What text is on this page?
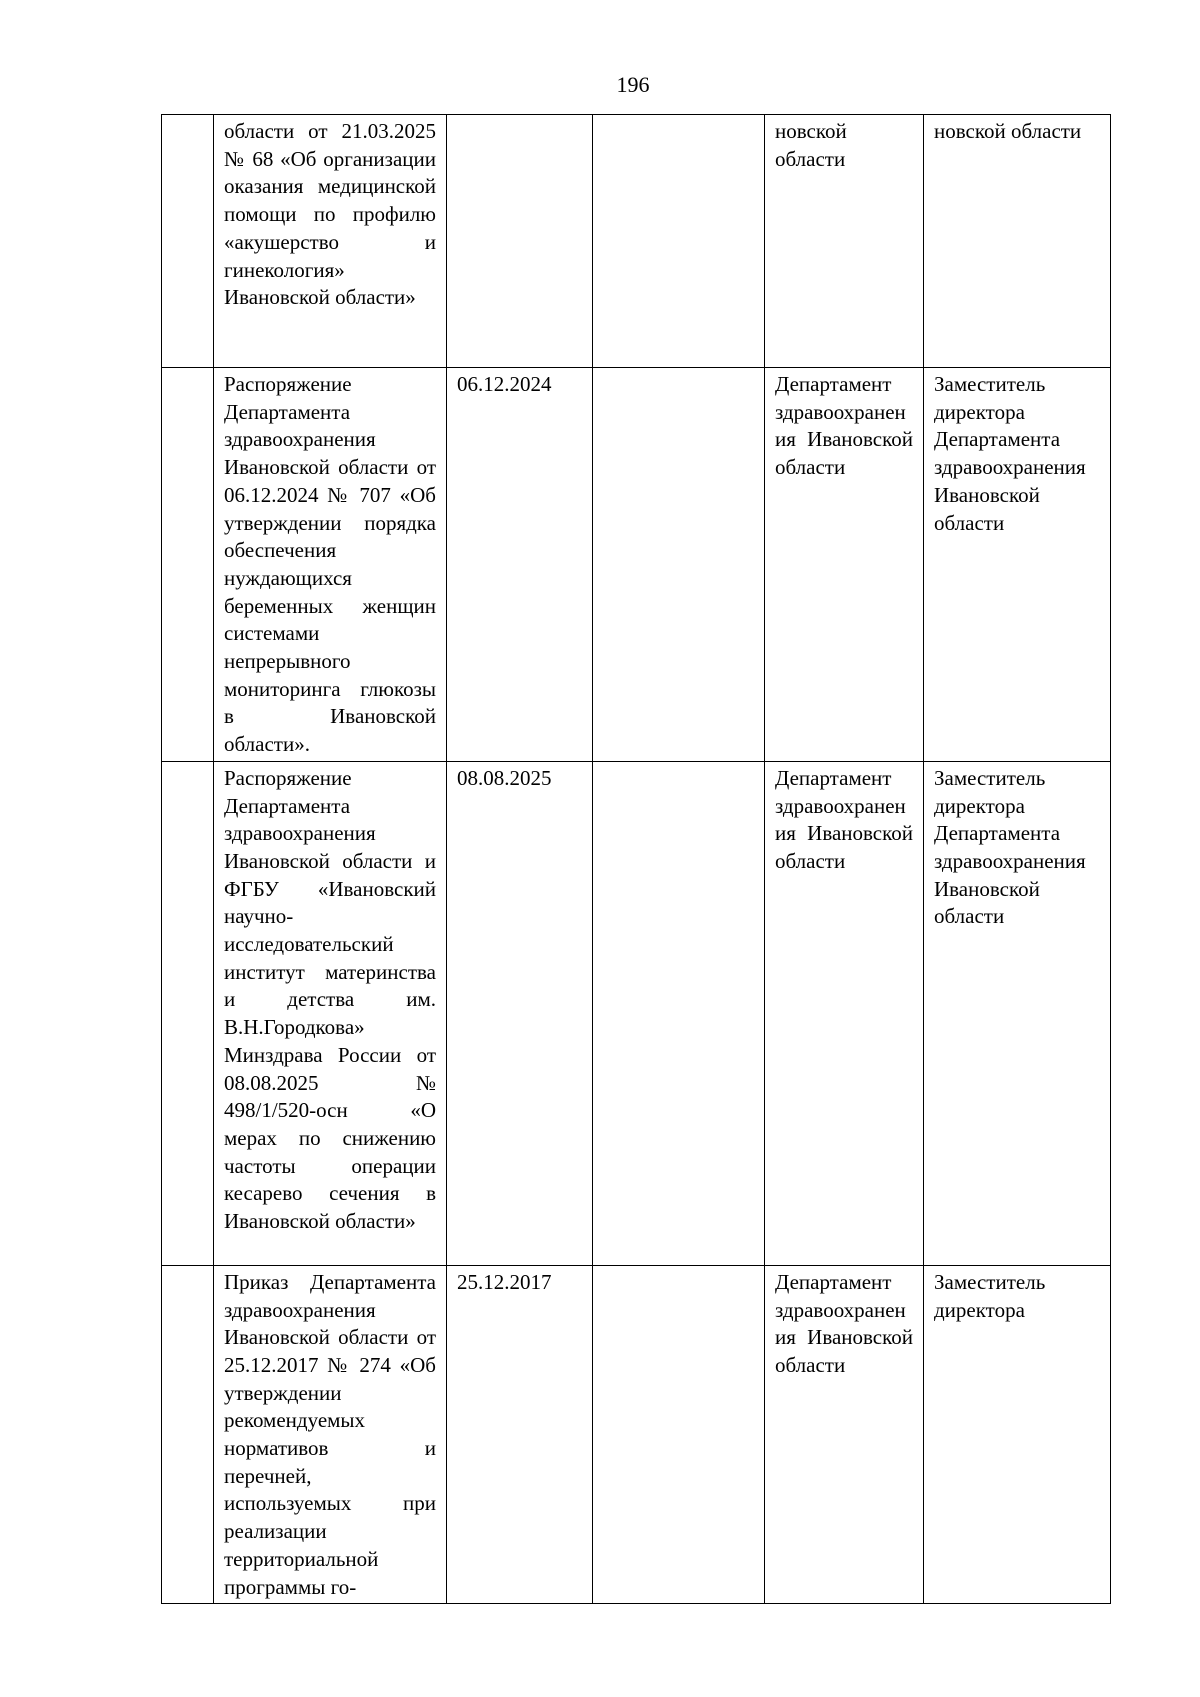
196

	области от 21.03.2025 № 68 «Об организации оказания медицинской помощи по профилю «акушерство и гинекология» Ивановской области»			новской области	новской области

	Распоряжение Департамента здравоохранения Ивановской области от 06.12.2024 № 707 «Об утверждении порядка обеспечения нуждающихся беременных женщин системами непрерывного мониторинга глюкозы в Ивановской области».	06.12.2024		Департамент здравоохранения Ивановской области	Заместитель директора Департамента здравоохранения Ивановской области

	Распоряжение Департамента здравоохранения Ивановской области и ФГБУ «Ивановский научно-исследовательский институт материнства и детства им. В.Н.Городкова» Минздрава России от 08.08.2025 № 498/1/520-осн «О мерах по снижению частоты операции кесарево сечения в Ивановской области»	08.08.2025		Департамент здравоохранения Ивановской области	Заместитель директора Департамента здравоохранения Ивановской области

	Приказ Департамента здравоохранения Ивановской области от 25.12.2017 № 274 «Об утверждении рекомендуемых нормативов и перечней, используемых при реализации территориальной программы го-	25.12.2017		Департамент здравоохранения Ивановской области	Заместитель директора
